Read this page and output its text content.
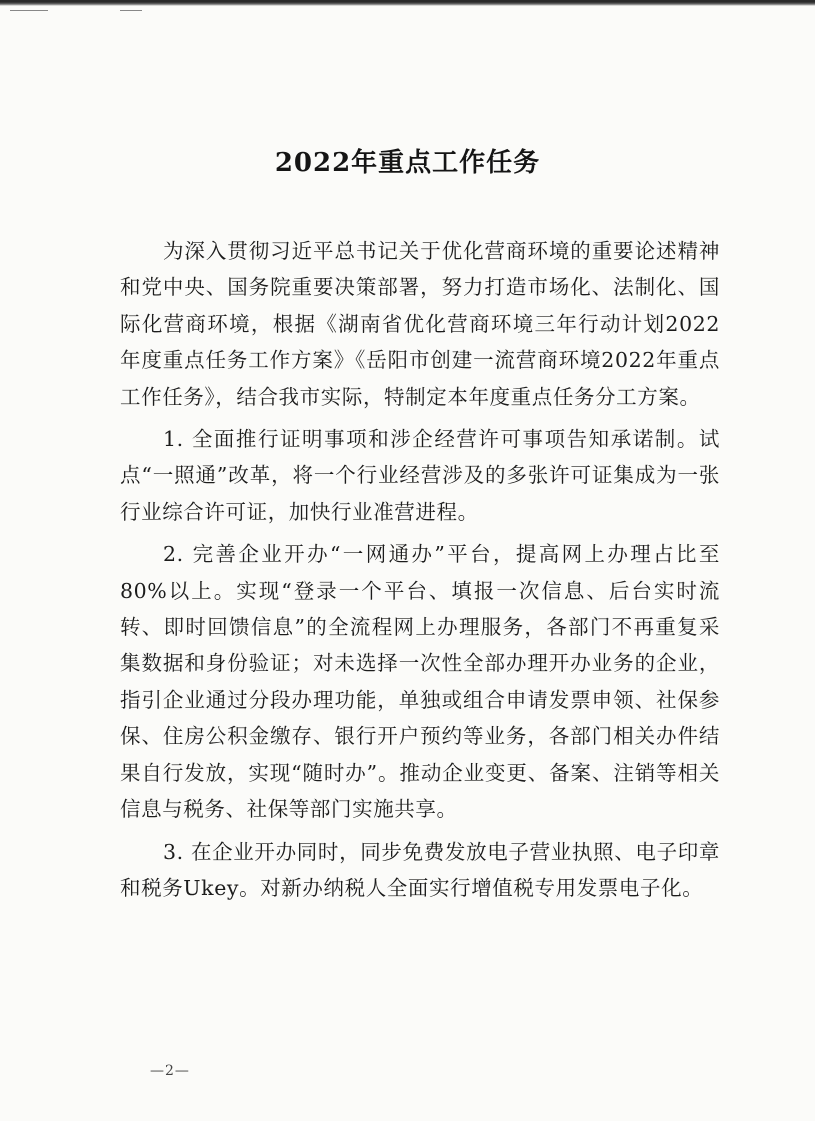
2022年重点工作任务

为深入贯彻习近平总书记关于优化营商环境的重要论述精神和党中央、国务院重要决策部署，努力打造市场化、法制化、国际化营商环境，根据《湖南省优化营商环境三年行动计划2022年度重点任务工作方案》《岳阳市创建一流营商环境2022年重点工作任务》，结合我市实际，特制定本年度重点任务分工方案。

1. 全面推行证明事项和涉企经营许可事项告知承诺制。试点“一照通”改革，将一个行业经营涉及的多张许可证集成为一张行业综合许可证，加快行业准营进程。

2. 完善企业开办“一网通办”平台，提高网上办理占比至80%以上。实现“登录一个平台、填报一次信息、后台实时流转、即时回馈信息”的全流程网上办理服务，各部门不再重复采集数据和身份验证；对未选择一次性全部办理开办业务的企业，指引企业通过分段办理功能，单独或组合申请发票申领、社保参保、住房公积金缴存、银行开户预约等业务，各部门相关办件结果自行发放，实现“随时办”。推动企业变更、备案、注销等相关信息与税务、社保等部门实施共享。

3. 在企业开办同时，同步免费发放电子营业执照、电子印章和税务Ukey。对新办纳税人全面实行增值税专用发票电子化。

—2—
